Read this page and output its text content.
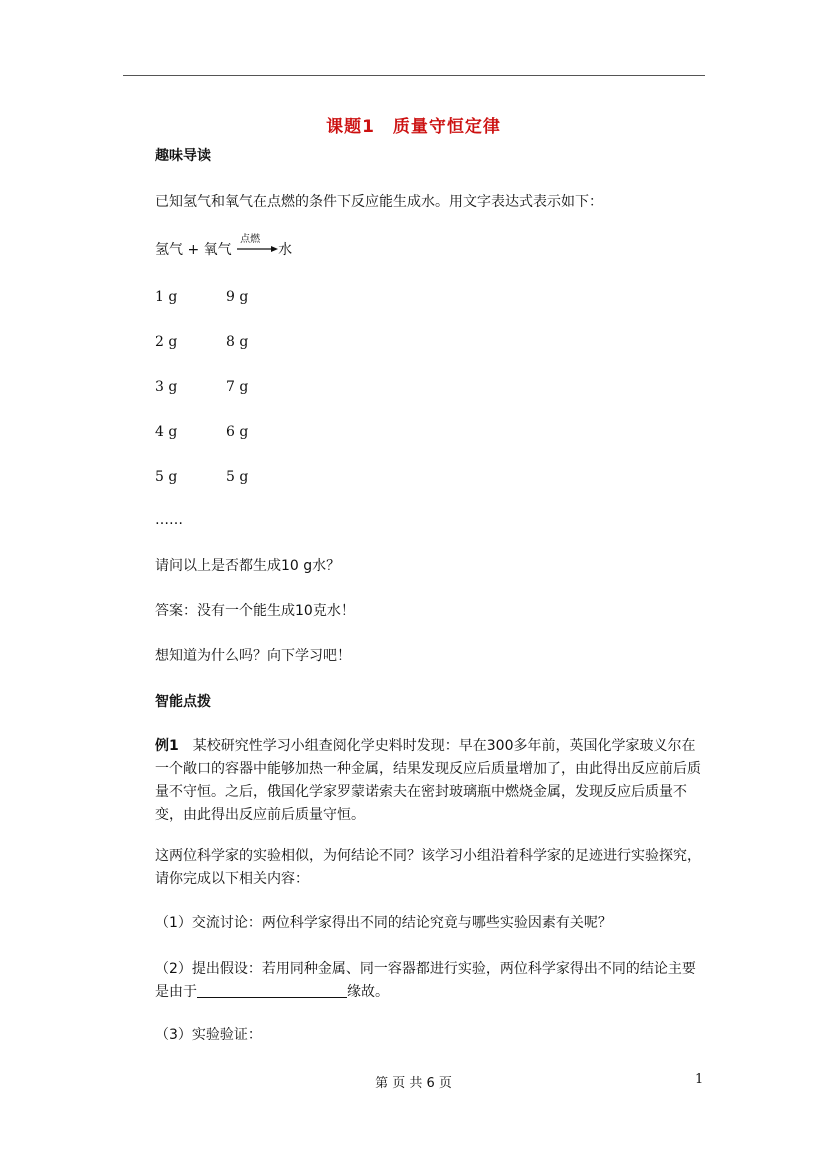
课题1 质量守恒定律
趣味导读
已知氢气和氧气在点燃的条件下反应能生成水。用文字表达式表示如下：
氢气 + 氧气
点燃
水
1 g	9 g
2 g	8 g
3 g	7 g
4 g	6 g
5 g	5 g
……
请问以上是否都生成10 g水？
答案：没有一个能生成10克水！
想知道为什么吗？向下学习吧！
智能点拨
例1　 某校研究性学习小组查阅化学史料时发现：早在300多年前，英国化学家玻义尔在一个敞口的容器中能够加热一种金属，结果发现反应后质量增加了，由此得出反应前后质量不守恒。之后，俄国化学家罗蒙诺索夫在密封玻璃瓶中燃烧金属，发现反应后质量不变，由此得出反应前后质量守恒。
这两位科学家的实验相似，为何结论不同？该学习小组沿着科学家的足迹进行实验探究，请你完成以下相关内容：
（1）交流讨论：两位科学家得出不同的结论究竟与哪些实验因素有关呢？
（2）提出假设：若用同种金属、同一容器都进行实验，两位科学家得出不同的结论主要是由于	缘故。
（3）实验验证：
第 页 共 6 页	1
